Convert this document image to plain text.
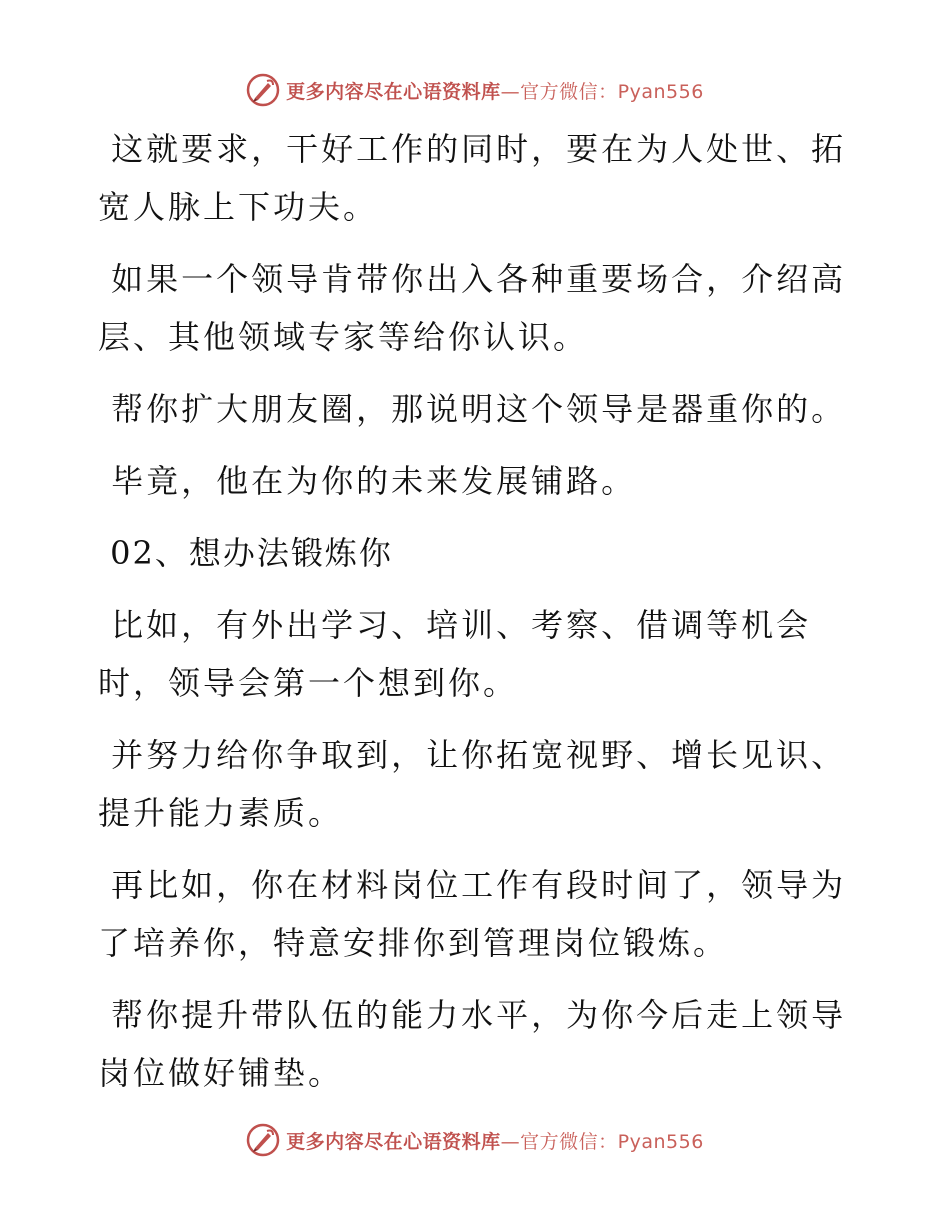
更多内容尽在心语资料库—官方微信：Pyan556

这就要求，干好工作的同时，要在为人处世、拓宽人脉上下功夫。

如果一个领导肯带你出入各种重要场合，介绍高层、其他领域专家等给你认识。

帮你扩大朋友圈，那说明这个领导是器重你的。

毕竟，他在为你的未来发展铺路。

02、想办法锻炼你

比如，有外出学习、培训、考察、借调等机会

时，领导会第一个想到你。

并努力给你争取到，让你拓宽视野、增长见识、提升能力素质。

再比如，你在材料岗位工作有段时间了，领导为了培养你，特意安排你到管理岗位锻炼。

帮你提升带队伍的能力水平，为你今后走上领导岗位做好铺垫。

更多内容尽在心语资料库—官方微信：Pyan556
